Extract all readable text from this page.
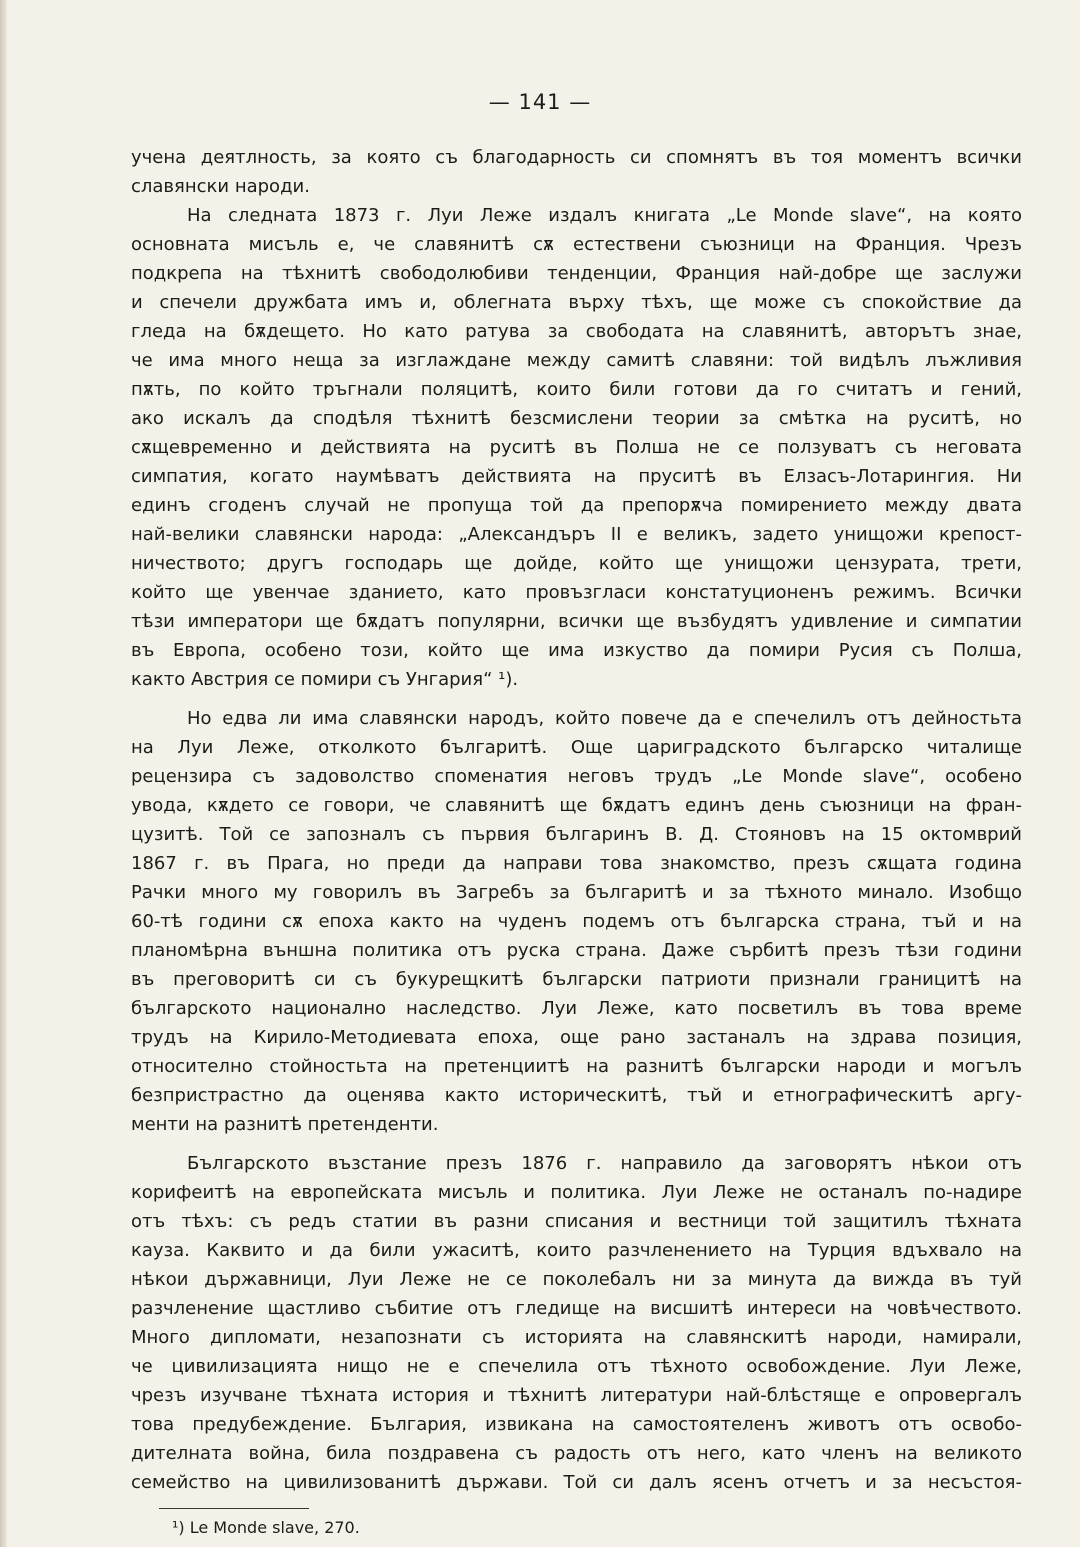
— 141 —
учена деятлность, за която съ благодарность си спомнятъ въ тоя моментъ всички
славянски народи.
На следната 1873 г. Луи Леже издалъ книгата „Le Monde slave“, на която
основната мисъль е, че славянитѣ сѫ естествени съюзници на Франция. Чрезъ
подкрепа на тѣхнитѣ свободолюбиви тенденции, Франция най-добре ще заслужи
и спечели дружбата имъ и, облегната върху тѣхъ, ще може съ спокойствие да
гледа на бѫдещето. Но като ратува за свободата на славянитѣ, авторътъ знае,
че има много неща за изглаждане между самитѣ славяни: той видѣлъ лъжливия
пѫть, по който тръгнали поляцитѣ, които били готови да го считатъ и гений,
ако искалъ да сподѣля тѣхнитѣ безсмислени теории за смѣтка на руситѣ, но
сѫщевременно и действията на руситѣ въ Полша не се ползуватъ съ неговата
симпатия, когато наумѣватъ действията на пруситѣ въ Елзасъ-Лотарингия. Ни
единъ сгоденъ случай не пропуща той да препорѫча помирението между двата
най-велики славянски народа: „Александъръ II е великъ, задето унищожи крепост-
ничеството; другъ господарь ще дойде, който ще унищожи цензурата, трети,
който ще увенчае зданието, като провъзгласи констатуционенъ режимъ. Всички
тѣзи императори ще бѫдатъ популярни, всички ще възбудятъ удивление и симпатии
въ Европа, особено този, който ще има изкуство да помири Русия съ Полша,
както Австрия се помири съ Унгария“ ¹).
Но едва ли има славянски народъ, който повече да е спечелилъ отъ дейностьта
на Луи Леже, отколкото българитѣ. Още цариградското българско читалище
рецензира съ задоволство споменатия неговъ трудъ „Le Monde slave“, особено
увода, кѫдето се говори, че славянитѣ ще бѫдатъ единъ день съюзници на фран-
цузитѣ. Той се запозналъ съ първия българинъ В. Д. Стояновъ на 15 октомврий
1867 г. въ Прага, но преди да направи това знакомство, презъ сѫщата година
Рачки много му говорилъ въ Загребъ за българитѣ и за тѣхното минало. Изобщо
60-тѣ години сѫ епоха както на чуденъ подемъ отъ българска страна, тъй и на
планомѣрна външна политика отъ руска страна. Даже сърбитѣ презъ тѣзи години
въ преговоритѣ си съ букурещкитѣ български патриоти признали границитѣ на
българското национално наследство. Луи Леже, като посветилъ въ това време
трудъ на Кирило-Методиевата епоха, още рано застаналъ на здрава позиция,
относително стойностьта на претенциитѣ на разнитѣ български народи и могълъ
безпристрастно да оценява както историческитѣ, тъй и етнографическитѣ аргу-
менти на разнитѣ претенденти.
Българското възстание презъ 1876 г. направило да заговорятъ нѣкои отъ
корифеитѣ на европейската мисъль и политика. Луи Леже не останалъ по-надире
отъ тѣхъ: съ редъ статии въ разни списания и вестници той защитилъ тѣхната
кауза. Каквито и да били ужаситѣ, които разчленението на Турция вдъхвало на
нѣкои държавници, Луи Леже не се поколебалъ ни за минута да вижда въ туй
разчленение щастливо събитие отъ гледище на висшитѣ интереси на човѣчеството.
Много дипломати, незапознати съ историята на славянскитѣ народи, намирали,
че цивилизацията нищо не е спечелила отъ тѣхното освобождение. Луи Леже,
чрезъ изучване тѣхната история и тѣхнитѣ литератури най-блѣстяще е опровергалъ
това предубеждение. България, извикана на самостоятеленъ животъ отъ освобо-
дителната война, била поздравена съ радость отъ него, като членъ на великото
семейство на цивилизованитѣ държави. Той си далъ ясенъ отчетъ и за несъстоя-
¹) Le Monde slave, 270.
